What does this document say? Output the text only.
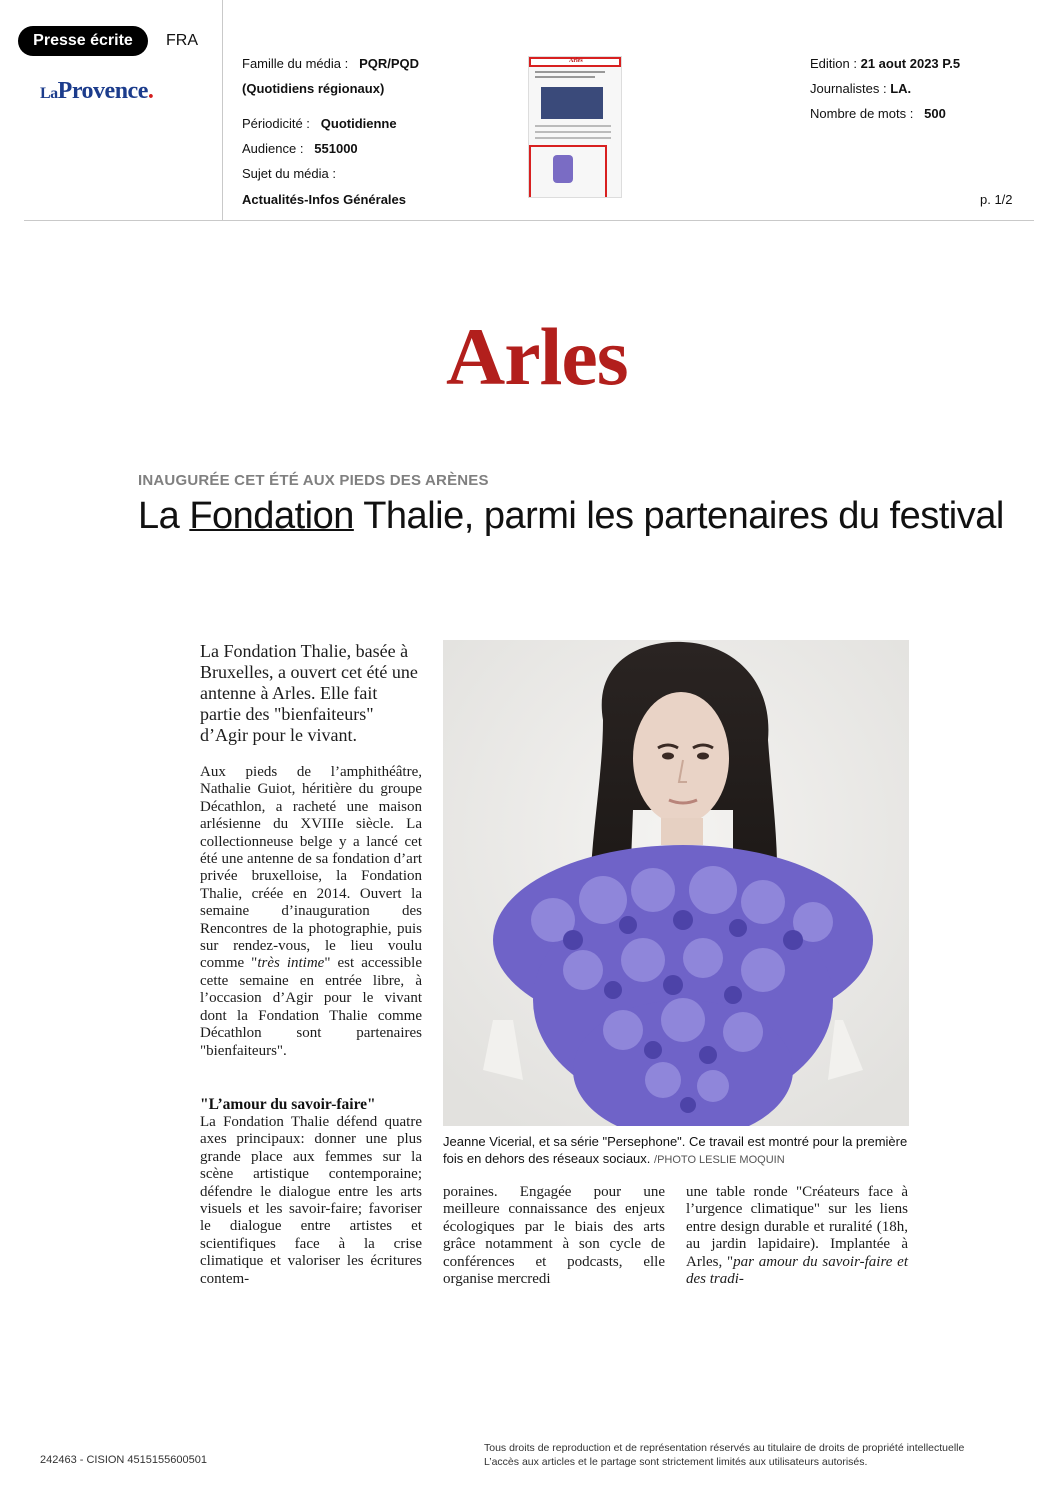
Presse écrite	FRA
LaProvence.
Famille du média : PQR/PQD
(Quotidiens régionaux)
Périodicité : Quotidienne
Audience : 551000
Sujet du média :
Actualités-Infos Générales
Arles	Edition : 21 aout 2023 P.5
Journalistes : LA.
Nombre de mots : 500
p. 1/2
Arles
INAUGURÉE CET ÉTÉ AUX PIEDS DES ARÈNES
La Fondation Thalie, parmi les partenaires du festival
La Fondation Thalie, basée à Bruxelles, a ouvert cet été une antenne à Arles. Elle fait partie des "bienfaiteurs" d’Agir pour le vivant.

Aux pieds de l’amphithéâtre, Nathalie Guiot, héritière du groupe Décathlon, a racheté une maison arlésienne du XVIIIe siècle. La collectionneuse belge y a lancé cet été une antenne de sa fondation d’art privée bruxelloise, la Fondation Thalie, créée en 2014. Ouvert la semaine d’inauguration des Rencontres de la photographie, puis sur rendez-vous, le lieu voulu comme "très intime" est accessible cette semaine en entrée libre, à l’occasion d’Agir pour le vivant dont la Fondation Thalie comme Décathlon sont partenaires "bienfaiteurs".

"L’amour du savoir-faire"
La Fondation Thalie défend quatre axes principaux: donner une plus grande place aux femmes sur la scène artistique contemporaine; défendre le dialogue entre les arts visuels et les savoir-faire; favoriser le dialogue entre artistes et scientifiques face à la crise climatique et valoriser les écritures contem-
Jeanne Vicerial, et sa série "Persephone". Ce travail est montré pour la première fois en dehors des réseaux sociaux. /PHOTO LESLIE MOQUIN
poraines. Engagée pour une meilleure connaissance des enjeux écologiques par le biais des arts grâce notamment à son cycle de conférences et podcasts, elle organise mercredi

une table ronde "Créateurs face à l’urgence climatique" sur les liens entre design durable et ruralité (18h, au jardin lapidaire). Implantée à Arles, "par amour du savoir-faire et des tradi-

242463 - CISION 4515155600501
Tous droits de reproduction et de représentation réservés au titulaire de droits de propriété intellectuelle
L’accès aux articles et le partage sont strictement limités aux utilisateurs autorisés.
